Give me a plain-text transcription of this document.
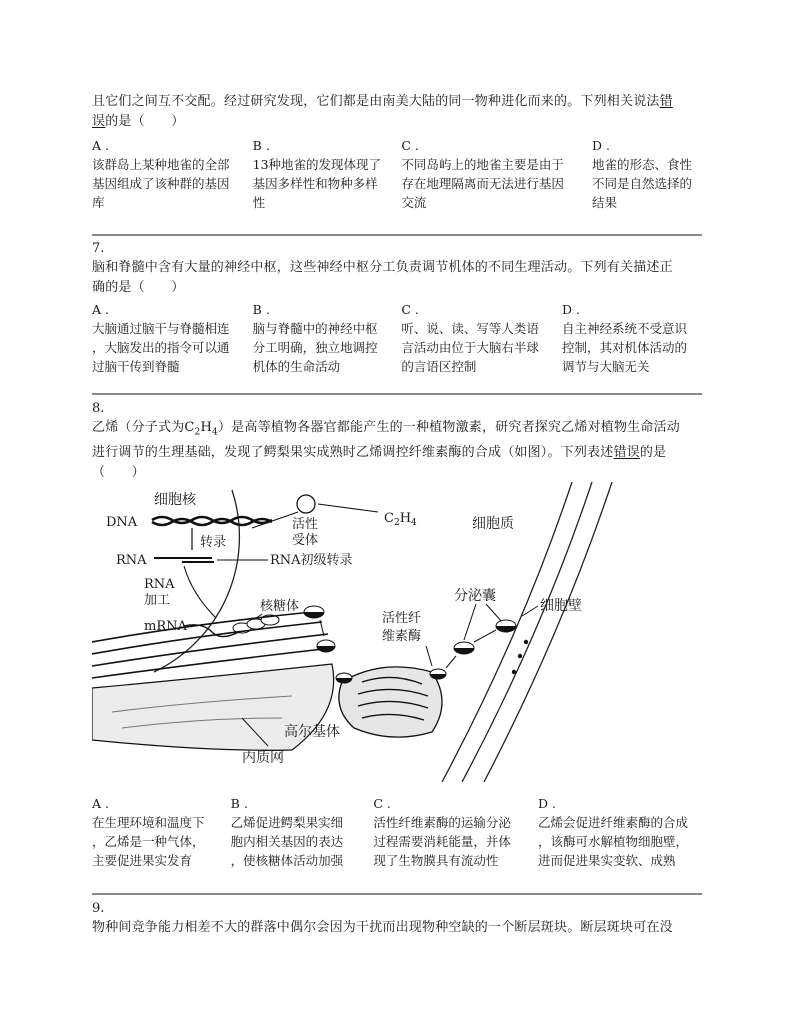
且它们之间互不交配。经过研究发现，它们都是由南美大陆的同一物种进化而来的。下列相关说法错
误的是（　　）

A .
该群岛上某种地雀的全部
基因组成了该种群的基因
库
B .
13种地雀的发现体现了
基因多样性和物种多样
性
C .
不同岛屿上的地雀主要是由于
存在地理隔离而无法进行基因
交流
D .
地雀的形态、食性
不同是自然选择的
结果

7.

脑和脊髓中含有大量的神经中枢，这些神经中枢分工负责调节机体的不同生理活动。下列有关描述正
确的是（　　）

A .
大脑通过脑干与脊髓相连
，大脑发出的指令可以通
过脑干传到脊髓
B .
脑与脊髓中的神经中枢
分工明确，独立地调控
机体的生命活动
C .
听、说、读、写等人类语
言活动由位于大脑右半球
的言语区控制
D .
自主神经系统不受意识
控制，其对机体活动的
调节与大脑无关

8.

乙烯（分子式为$C_2H_4$）是高等植物各器官都能产生的一种植物激素，研究者探究乙烯对植物生命活动
进行调节的生理基础，发现了鳄梨果实成熟时乙烯调控纤维素酶的合成（如图）。下列表述错误的是
（　　）

细胞核
DNA
转录
RNA	RNA初级转录
RNA
加工
活性
受体
$C_2H_4$	细胞质
核糖体
mRNA
内质网
高尔基体
活性纤
维素酶
分泌囊
细胞壁
A .
在生理环境和温度下
，乙烯是一种气体，
主要促进果实发育
B .
乙烯促进鳄梨果实细
胞内相关基因的表达
，使核糖体活动加强
C .
活性纤维素酶的运输分泌
过程需要消耗能量，并体
现了生物膜具有流动性
D .
乙烯会促进纤维素酶的合成
，该酶可水解植物细胞壁，
进而促进果实变软、成熟

9.

物种间竞争能力相差不大的群落中偶尔会因为干扰而出现物种空缺的一个断层斑块。断层斑块可在没
